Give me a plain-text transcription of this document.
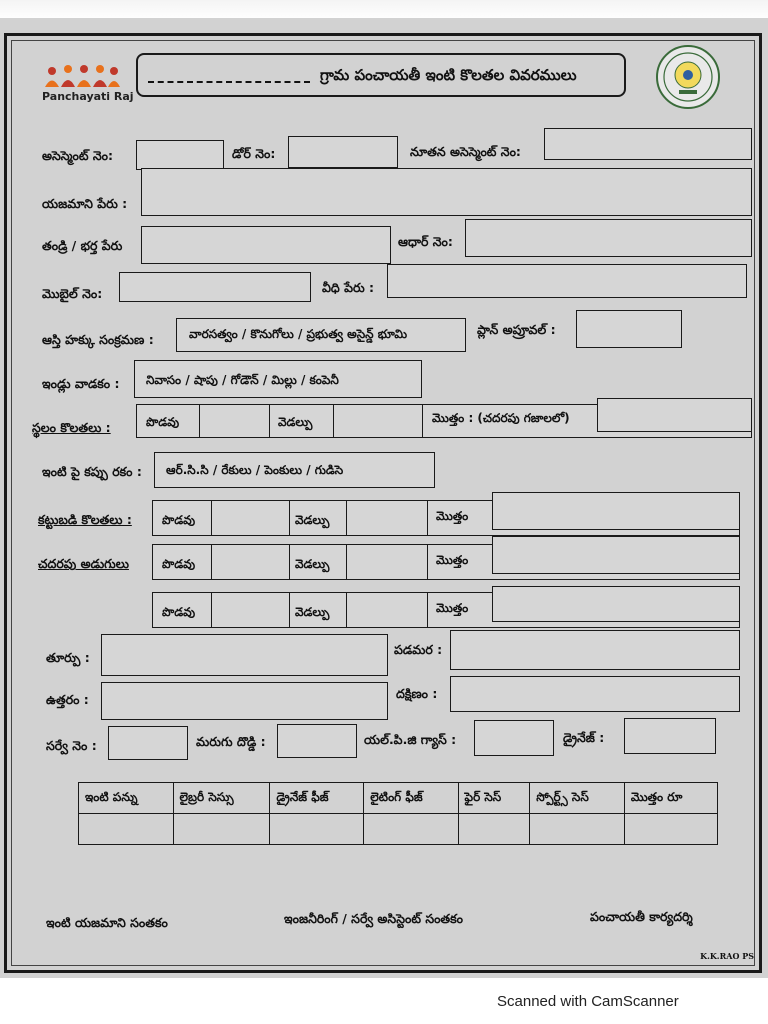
Panchayati Raj
గ్రామ పంచాయతీ ఇంటి కొలతల వివరములు
అసెస్మెంట్ నెం:	డోర్ నెం:	నూతన అసెస్మెంట్ నెం:
యజమాని పేరు :
తండ్రి / భర్త పేరు	ఆధార్ నెం:
మొబైల్ నెం:	వీధి పేరు :
ఆస్తి హక్కు సంక్రమణ :	వారసత్వం / కొనుగోలు / ప్రభుత్వ అసైన్డ్ భూమి	ప్లాన్ అప్రూవల్ :
ఇండ్లు వాడకం : నివాసం / షాపు / గోడౌన్ / మిల్లు / కంపెనీ
స్థలం కొలతలు :	పొడవు	వెడల్పు	మొత్తం : (చదరపు గజాలలో)
ఇంటి పై కప్పు రకం : ఆర్.సి.సి / రేకులు / పెంకులు / గుడిసె
కట్టుబడి కొలతలు :	పొడవు	వెడల్పు	మొత్తం
చదరపు అడుగులు	పొడవు	వెడల్పు	మొత్తం
పొడవు	వెడల్పు	మొత్తం
తూర్పు :
పడమర :
ఉత్తరం :	దక్షిణం :
సర్వే నెం :	మరుగు దొడ్డి :	యల్.పి.జి గ్యాస్ :	డ్రైనేజ్ :
ఇంటి పన్ను	లైబ్రరీ సెస్సు	డ్రైనేజ్ ఫీజ్	లైటింగ్ ఫీజ్	ఫైర్ సెస్	స్పోర్ట్స్ సెస్	మొత్తం రూ

ఇంటి యజమాని సంతకం	ఇంజనీరింగ్ / సర్వే అసిస్టెంట్ సంతకం	పంచాయతీ కార్యదర్శి
K.K.RAO PS
Scanned with CamScanner
